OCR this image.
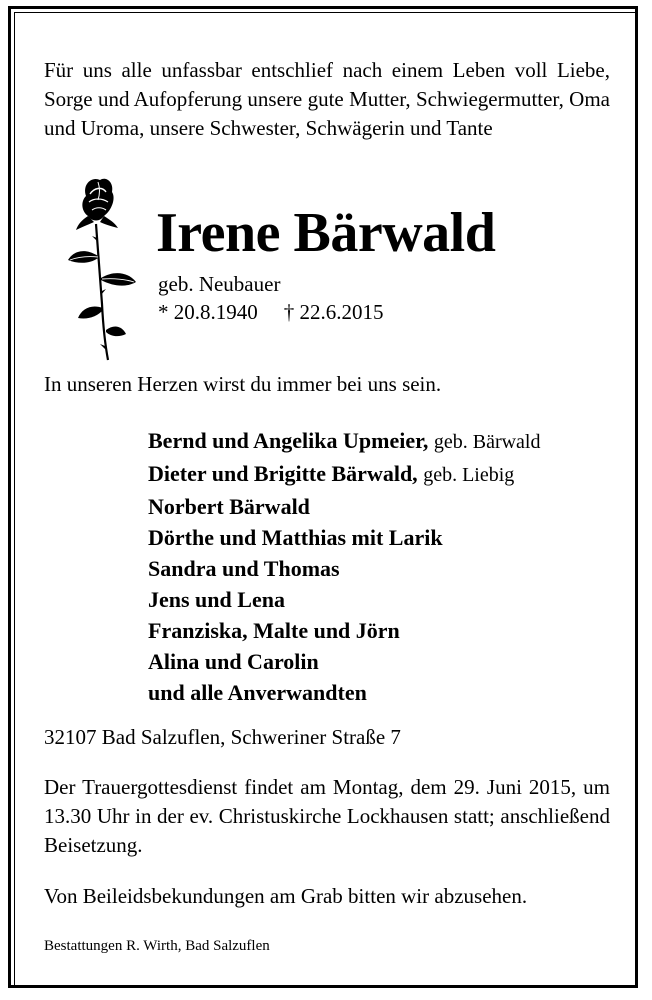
Für uns alle unfassbar entschlief nach einem Leben voll Liebe, Sorge und Aufopferung unsere gute Mutter, Schwiegermutter, Oma und Uroma, unsere Schwester, Schwägerin und Tante
Irene Bärwald
geb. Neubauer
* 20.8.1940 † 22.6.2015
In unseren Herzen wirst du immer bei uns sein.
Bernd und Angelika Upmeier, geb. Bärwald
Dieter und Brigitte Bärwald, geb. Liebig
Norbert Bärwald
Dörthe und Matthias mit Larik
Sandra und Thomas
Jens und Lena
Franziska, Malte und Jörn
Alina und Carolin
und alle Anverwandten
32107 Bad Salzuflen, Schweriner Straße 7
Der Trauergottesdienst findet am Montag, dem 29. Juni 2015, um 13.30 Uhr in der ev. Christuskirche Lockhausen statt; anschließend Beisetzung.
Von Beileidsbekundungen am Grab bitten wir abzusehen.
Bestattungen R. Wirth, Bad Salzuflen
